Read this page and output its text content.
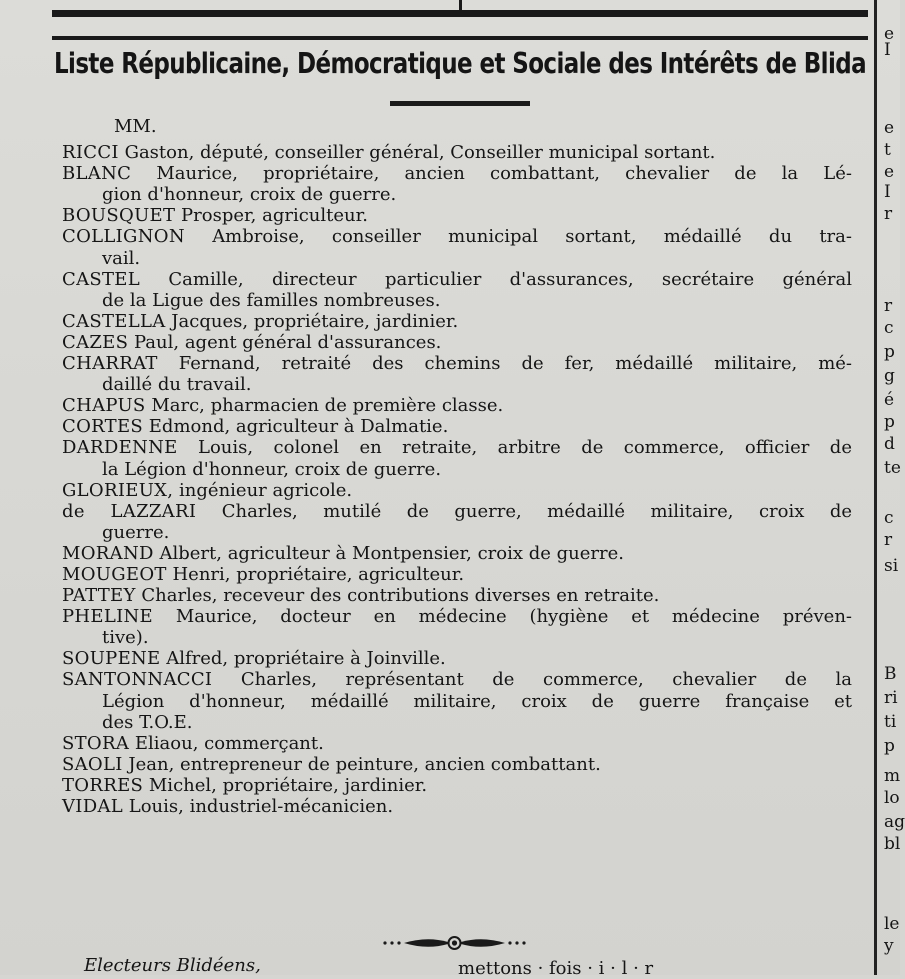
Liste Républicaine, Démocratique et Sociale des Intérêts de Blida
MM.
RICCI Gaston, député, conseiller général, Conseiller municipal sortant.
BLANC Maurice, propriétaire, ancien combattant, chevalier de la Lé-
gion d'honneur, croix de guerre.
BOUSQUET Prosper, agriculteur.
COLLIGNON Ambroise, conseiller municipal sortant, médaillé du tra-
vail.
CASTEL Camille, directeur particulier d'assurances, secrétaire général
de la Ligue des familles nombreuses.
CASTELLA Jacques, propriétaire, jardinier.
CAZES Paul, agent général d'assurances.
CHARRAT Fernand, retraité des chemins de fer, médaillé militaire, mé-
daillé du travail.
CHAPUS Marc, pharmacien de première classe.
CORTES Edmond, agriculteur à Dalmatie.
DARDENNE Louis, colonel en retraite, arbitre de commerce, officier de
la Légion d'honneur, croix de guerre.
GLORIEUX, ingénieur agricole.
de LAZZARI Charles, mutilé de guerre, médaillé militaire, croix de
guerre.
MORAND Albert, agriculteur à Montpensier, croix de guerre.
MOUGEOT Henri, propriétaire, agriculteur.
PATTEY Charles, receveur des contributions diverses en retraite.
PHELINE Maurice, docteur en médecine (hygiène et médecine préven-
tive).
SOUPENE Alfred, propriétaire à Joinville.
SANTONNACCI Charles, représentant de commerce, chevalier de la
Légion d'honneur, médaillé militaire, croix de guerre française et
des T.O.E.
STORA Eliaou, commerçant.
SAOLI Jean, entrepreneur de peinture, ancien combattant.
TORRES Michel, propriétaire, jardinier.
VIDAL Louis, industriel-mécanicien.
Electeurs Blidéens,	mettons · fois · i · l · r
e
I
e
t
e
I
r
r
c
p
g
é
p
d
te
c
r
si
B
ri
ti
p
m
lo
ag
bl
le
y
